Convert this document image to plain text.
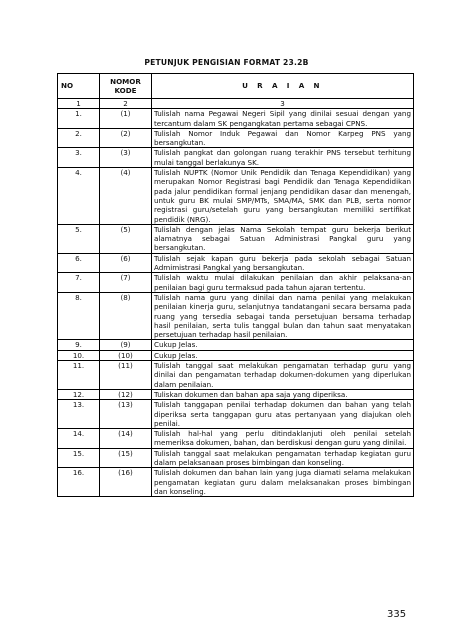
PETUNJUK PENGISIAN FORMAT 23.2B
NO	NOMOR KODE	U R A I A N
1	2	3
1.	(1)	Tulislah nama Pegawai Negeri Sipil yang dinilai sesuai dengan yang tercantum dalam SK pengangkatan pertama sebagai CPNS.
2.	(2)	Tulislah Nomor Induk Pegawai dan Nomor Karpeg PNS yang bersangkutan.
3.	(3)	Tulislah pangkat dan golongan ruang terakhir PNS tersebut terhitung mulai tanggal berlakunya SK.
4.	(4)	Tulislah NUPTK (Nomor Unik Pendidik dan Tenaga Kependidikan) yang merupakan Nomor Registrasi bagi Pendidik dan Tenaga Kependidikan pada jalur pendidikan formal jenjang pendidikan dasar dan menengah, untuk guru BK mulai SMP/MTs, SMA/MA, SMK dan PLB, serta nomor registrasi guru/setelah guru yang bersangkutan memiliki sertifikat pendidik (NRG).
5.	(5)	Tulislah dengan jelas Nama Sekolah tempat guru bekerja berikut alamatnya sebagai Satuan Administrasi Pangkal guru yang bersangkutan.
6.	(6)	Tulislah sejak kapan guru bekerja pada sekolah sebagai Satuan Admimistrasi Pangkal yang bersangkutan.
7.	(7)	Tulislah waktu mulai dilakukan penilaian dan akhir pelaksana-an penilaian bagi guru termaksud pada tahun ajaran tertentu.
8.	(8)	Tulislah nama guru yang dinilai dan nama penilai yang melakukan penilaian kinerja guru, selanjutnya tandatangani secara bersama pada ruang yang tersedia sebagai tanda persetujuan bersama terhadap hasil penilaian, serta tulis tanggal bulan dan tahun saat menyatakan persetujuan terhadap hasil penilaian.
9.	(9)	Cukup Jelas.
10.	(10)	Cukup Jelas.
11.	(11)	Tulislah tanggal saat melakukan pengamatan terhadap guru yang dinilai dan pengamatan terhadap dokumen-dokumen yang diperlukan dalam penilaian.
12.	(12)	Tuliskan dokumen dan bahan apa saja yang diperiksa.
13.	(13)	Tulislah tanggapan penilai terhadap dokumen dan bahan yang telah diperiksa serta tanggapan guru atas pertanyaan yang diajukan oleh penilai.
14.	(14)	Tulislah hal-hal yang perlu ditindaklanjuti oleh penilai setelah memeriksa dokumen, bahan, dan berdiskusi dengan guru yang dinilai.
15.	(15)	Tulislah tanggal saat melakukan pengamatan terhadap kegiatan guru dalam pelaksanaan proses bimbingan dan konseling.
16.	(16)	Tulislah dokumen dan bahan lain yang juga diamati selama melakukan pengamatan kegiatan guru dalam melaksanakan proses bimbingan dan konseling.
335
